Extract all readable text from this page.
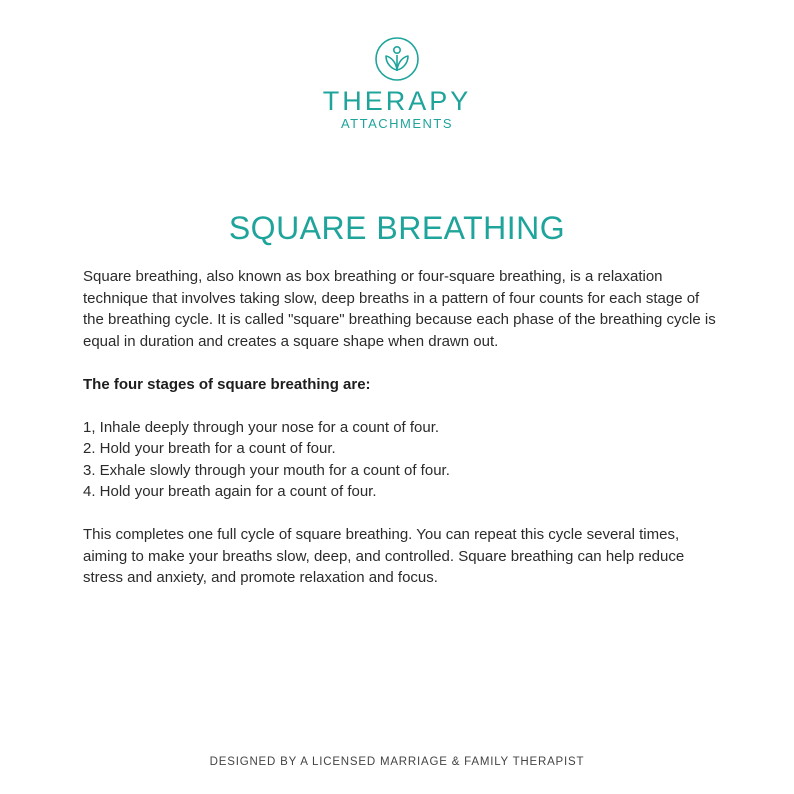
THERAPY
ATTACHMENTS
SQUARE BREATHING

Square breathing, also known as box breathing or four-square breathing, is a relaxation technique that involves taking slow, deep breaths in a pattern of four counts for each stage of the breathing cycle. It is called "square" breathing because each phase of the breathing cycle is equal in duration and creates a square shape when drawn out.

The four stages of square breathing are:

1, Inhale deeply through your nose for a count of four.

2. Hold your breath for a count of four.

3. Exhale slowly through your mouth for a count of four.

4. Hold your breath again for a count of four.

This completes one full cycle of square breathing. You can repeat this cycle several times, aiming to make your breaths slow, deep, and controlled. Square breathing can help reduce stress and anxiety, and promote relaxation and focus.

DESIGNED BY A LICENSED MARRIAGE & FAMILY THERAPIST
